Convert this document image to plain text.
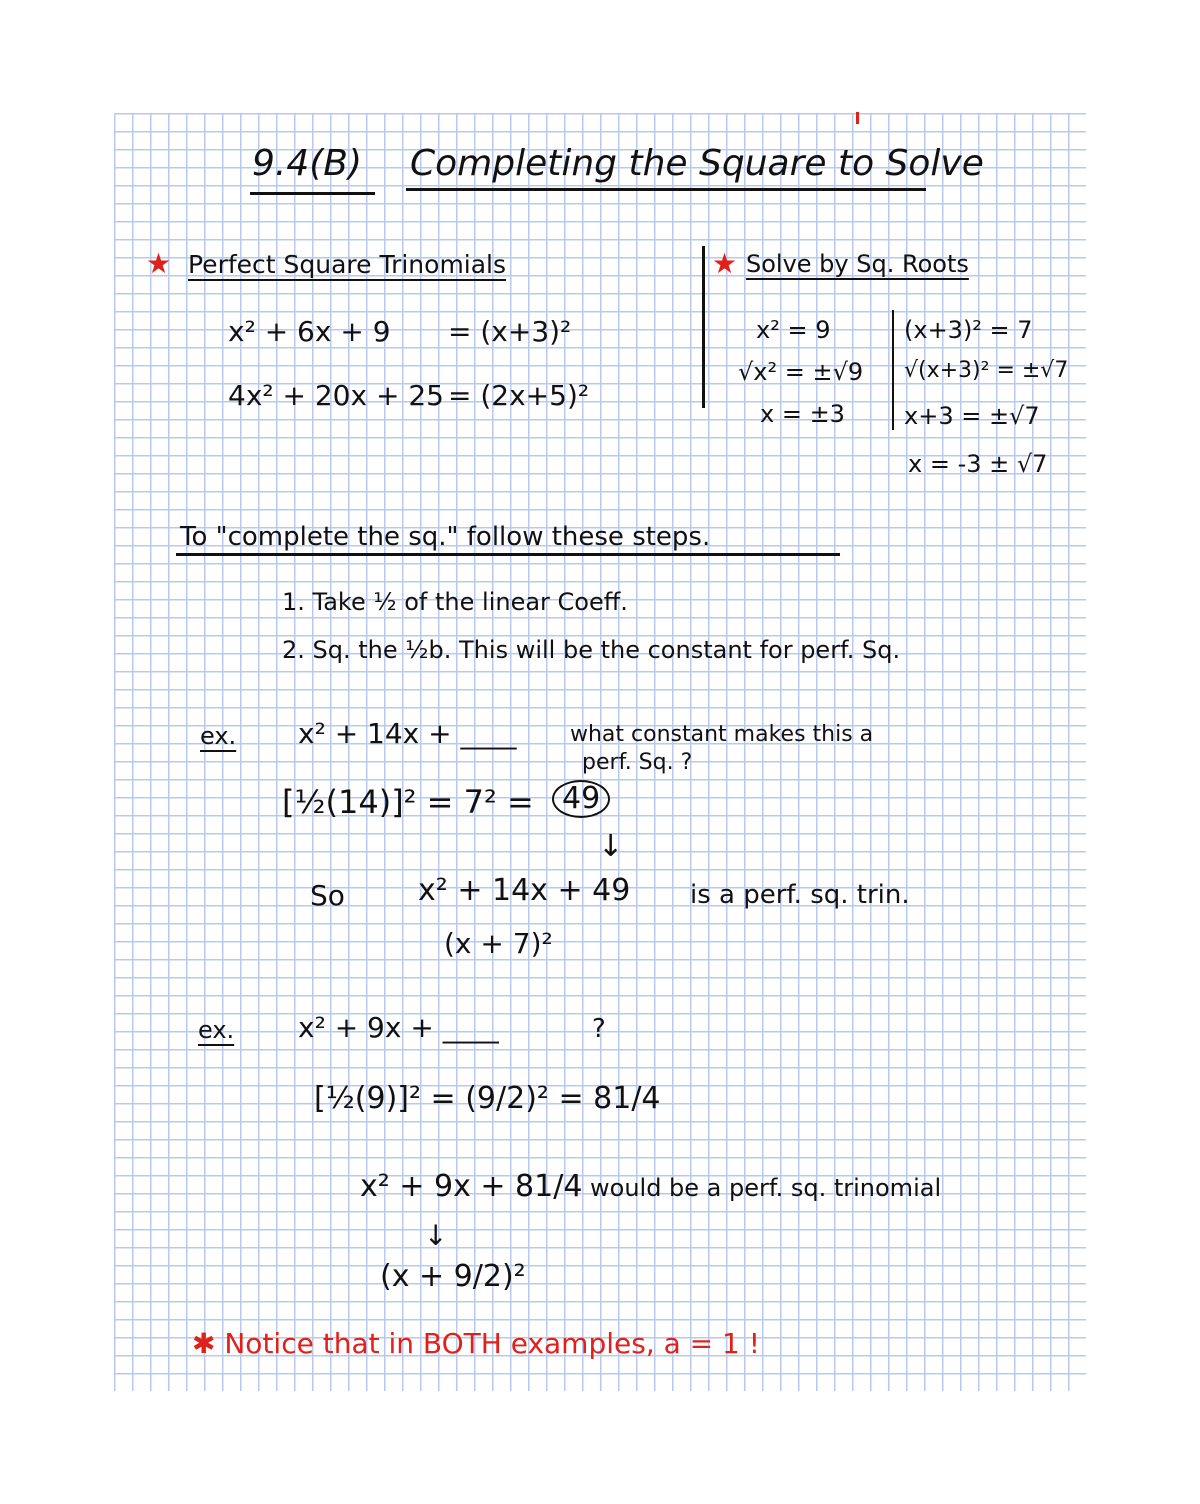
9.4(B) Completing the Square to Solve
★ Perfect Square Trinomials
x² + 6x + 9 = (x+3)²
4x² + 20x + 25 = (2x+5)²
★ Solve by Sq. Roots
x² = 9
√x² = ±√9
x = ±3
(x+3)² = 7
√(x+3)² = ±√7
x+3 = ±√7
x = -3 ± √7
To "complete the sq." follow these steps.
1. Take ½ of the linear Coeff.
2. Sq. the ½b. This will be the constant for perf. Sq.
ex. x² + 14x + ____ what constant makes this a
perf. Sq. ?
[½(14)]² = 7² = 49
↓
So x² + 14x + 49 is a perf. sq. trin.
(x + 7)²
ex. x² + 9x + ____	?
[½(9)]² = (9/2)² = 81/4
x² + 9x + 81/4 would be a perf. sq. trinomial
↓
(x + 9/2)²
✱ Notice that in BOTH examples, a = 1 !
